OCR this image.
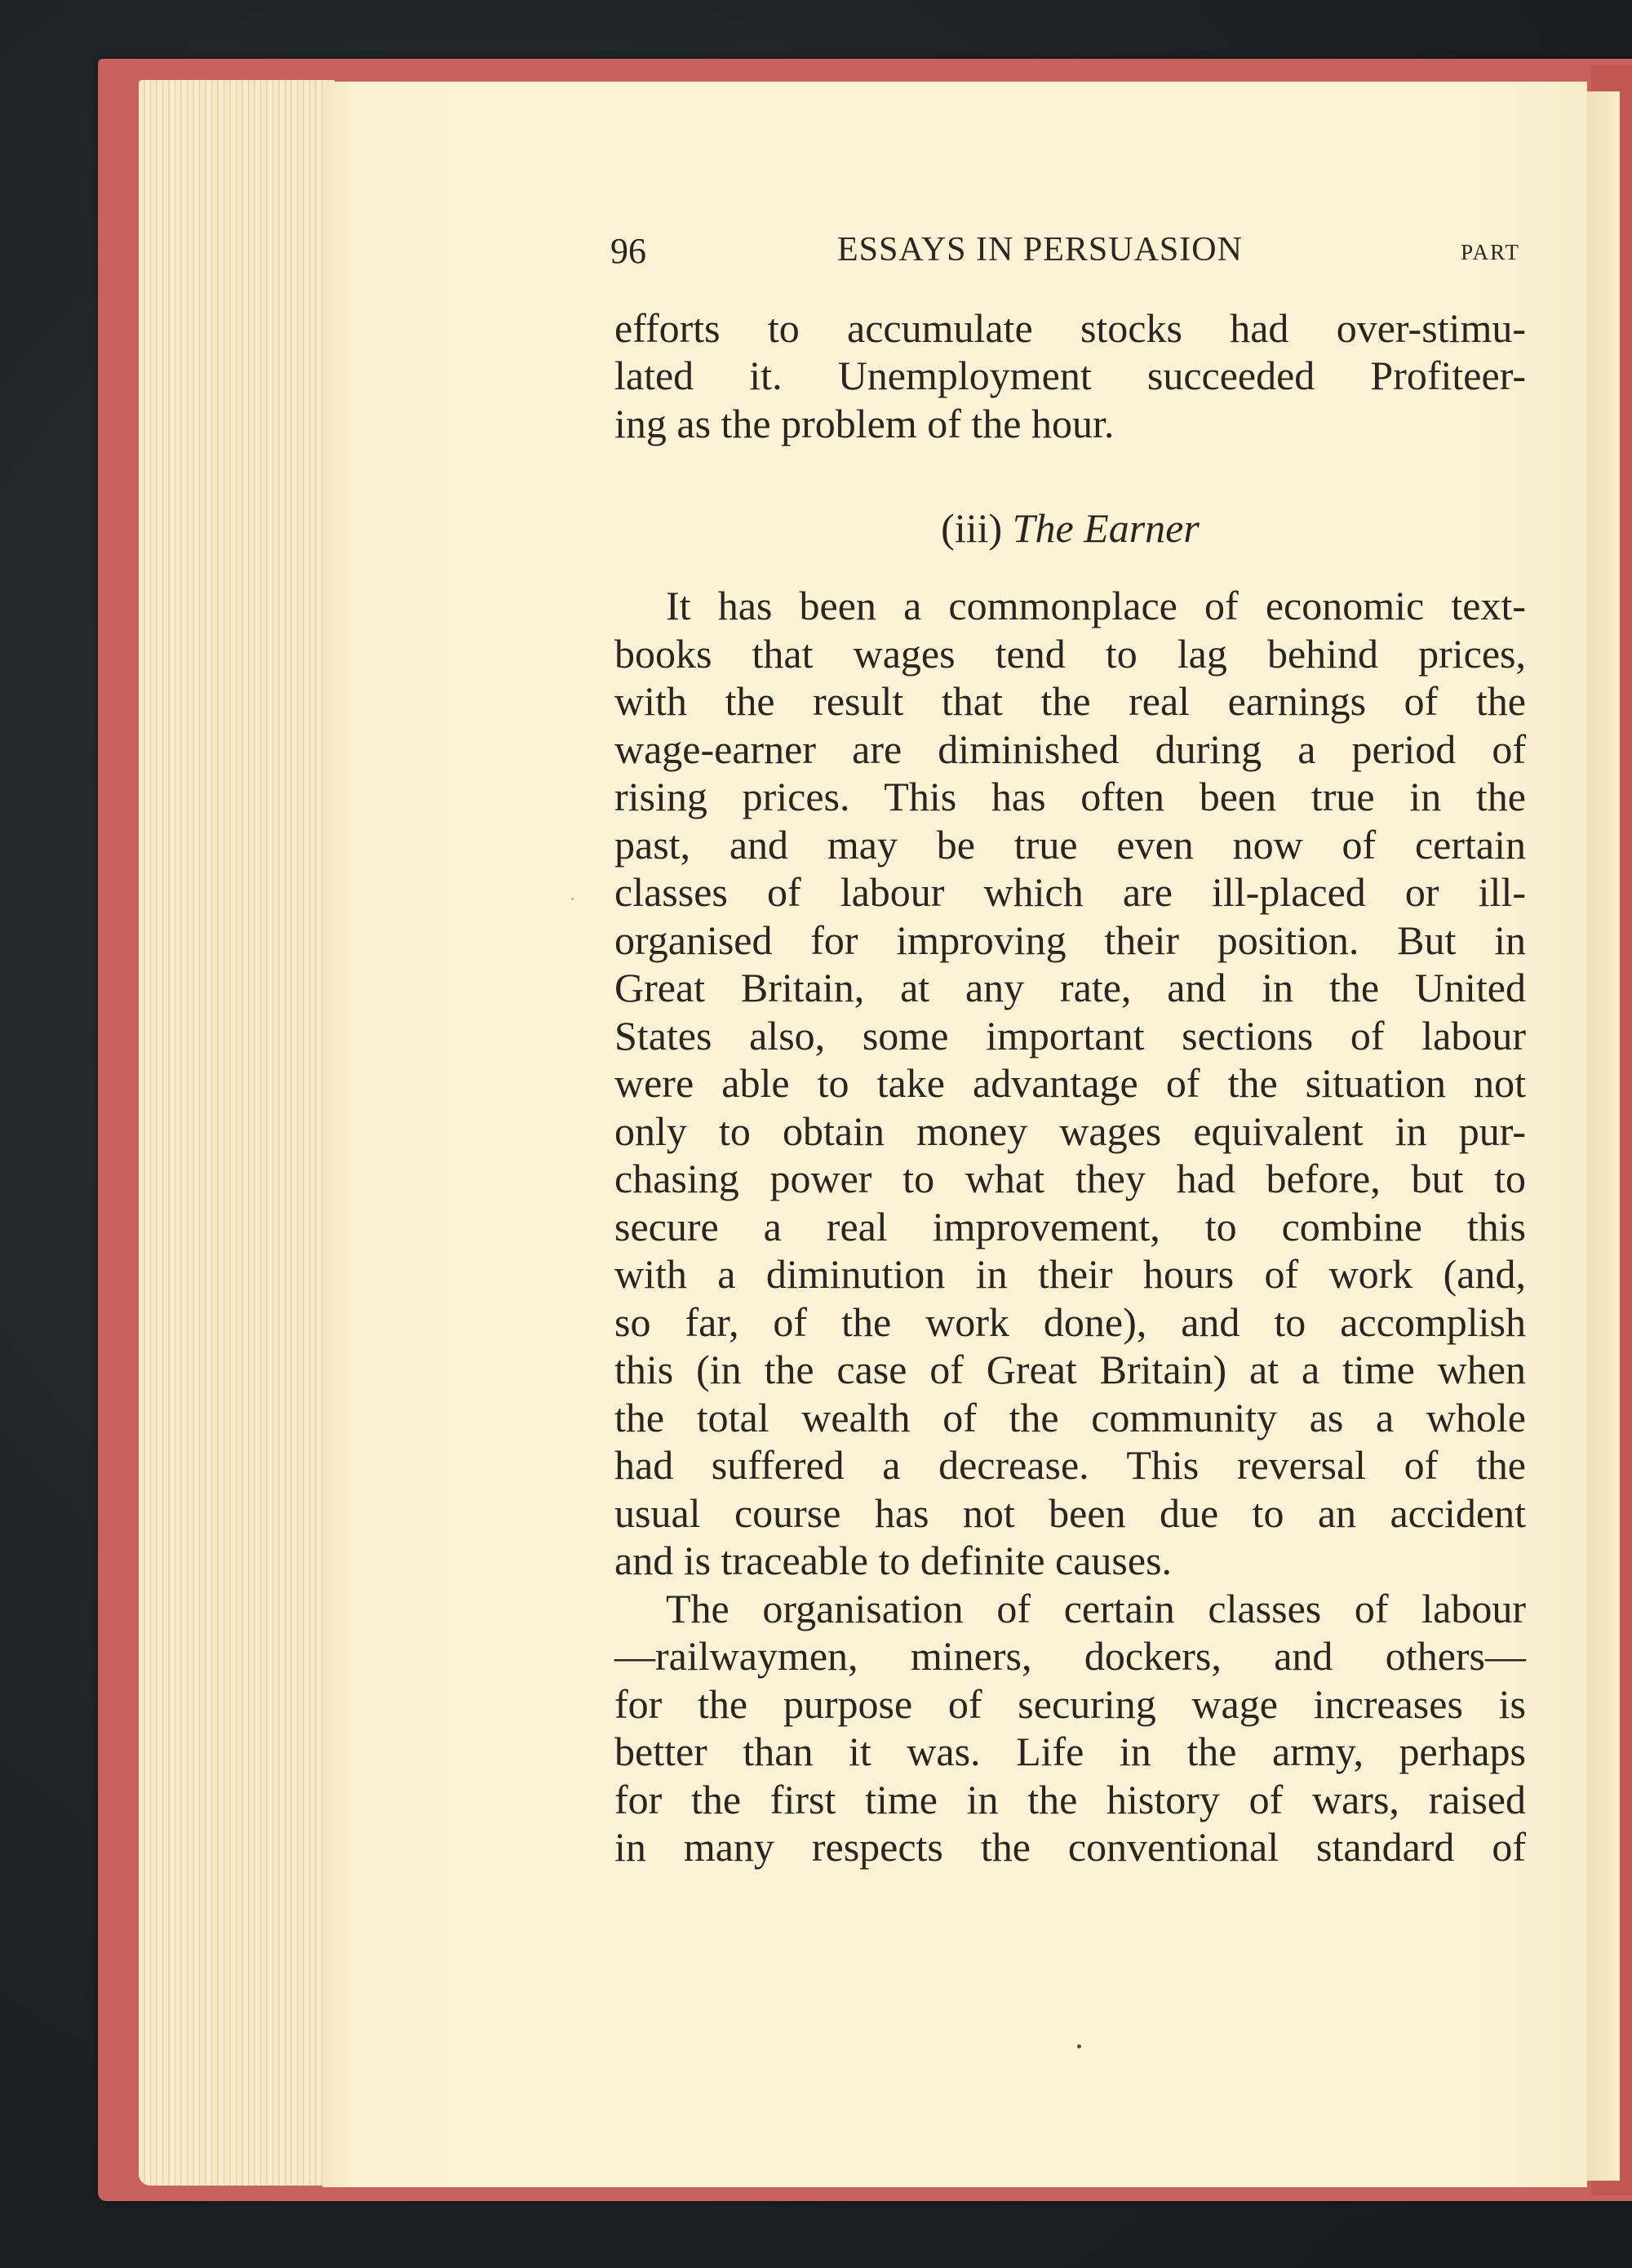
96	ESSAYS IN PERSUASION	PART
efforts to accumulate stocks had over-stimu-
lated it. Unemployment succeeded Profiteer-
ing as the problem of the hour.
(iii) The Earner
It has been a commonplace of economic text-
books that wages tend to lag behind prices,
with the result that the real earnings of the
wage-earner are diminished during a period of
rising prices. This has often been true in the
past, and may be true even now of certain
classes of labour which are ill-placed or ill-
organised for improving their position. But in
Great Britain, at any rate, and in the United
States also, some important sections of labour
were able to take advantage of the situation not
only to obtain money wages equivalent in pur-
chasing power to what they had before, but to
secure a real improvement, to combine this
with a diminution in their hours of work (and,
so far, of the work done), and to accomplish
this (in the case of Great Britain) at a time when
the total wealth of the community as a whole
had suffered a decrease. This reversal of the
usual course has not been due to an accident
and is traceable to definite causes.
The organisation of certain classes of labour
—railwaymen, miners, dockers, and others—
for the purpose of securing wage increases is
better than it was. Life in the army, perhaps
for the first time in the history of wars, raised
in many respects the conventional standard of
